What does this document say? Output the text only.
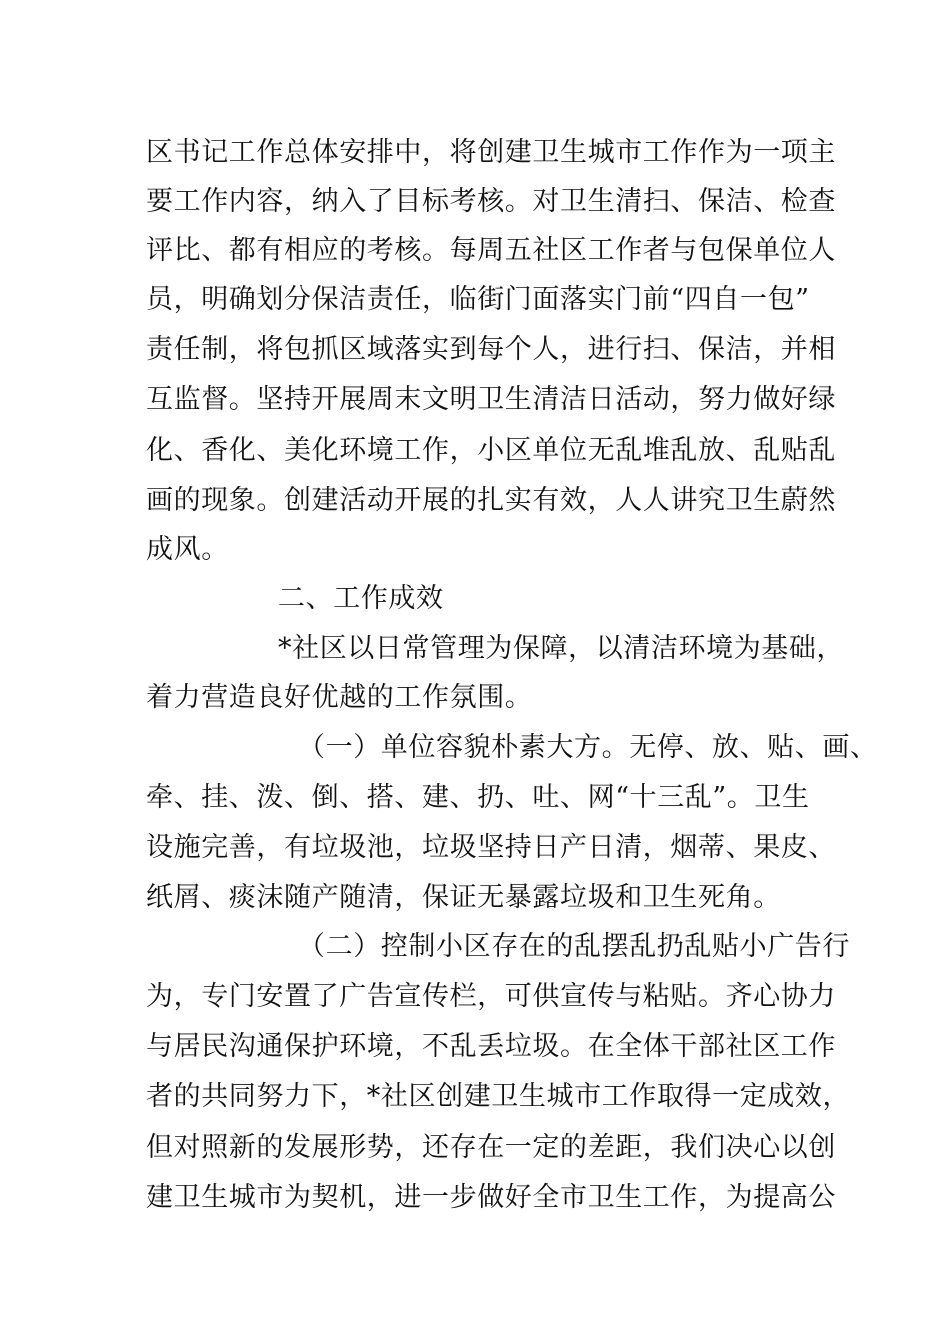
区书记工作总体安排中，将创建卫生城市工作作为一项主

要工作内容，纳入了目标考核。对卫生清扫、保洁、检查

评比、都有相应的考核。每周五社区工作者与包保单位人

员，明确划分保洁责任，临街门面落实门前“四自一包”

责任制，将包抓区域落实到每个人，进行扫、保洁，并相

互监督。坚持开展周末文明卫生清洁日活动，努力做好绿

化、香化、美化环境工作，小区单位无乱堆乱放、乱贴乱

画的现象。创建活动开展的扎实有效，人人讲究卫生蔚然

成风。

二、工作成效

*社区以日常管理为保障，以清洁环境为基础，

着力营造良好优越的工作氛围。

（一）单位容貌朴素大方。无停、放、贴、画、

牵、挂、泼、倒、搭、建、扔、吐、网“十三乱”。卫生

设施完善，有垃圾池，垃圾坚持日产日清，烟蒂、果皮、

纸屑、痰沫随产随清，保证无暴露垃圾和卫生死角。

（二）控制小区存在的乱摆乱扔乱贴小广告行

为，专门安置了广告宣传栏，可供宣传与粘贴。齐心协力

与居民沟通保护环境，不乱丢垃圾。在全体干部社区工作

者的共同努力下，*社区创建卫生城市工作取得一定成效，

但对照新的发展形势，还存在一定的差距，我们决心以创

建卫生城市为契机，进一步做好全市卫生工作，为提高公
